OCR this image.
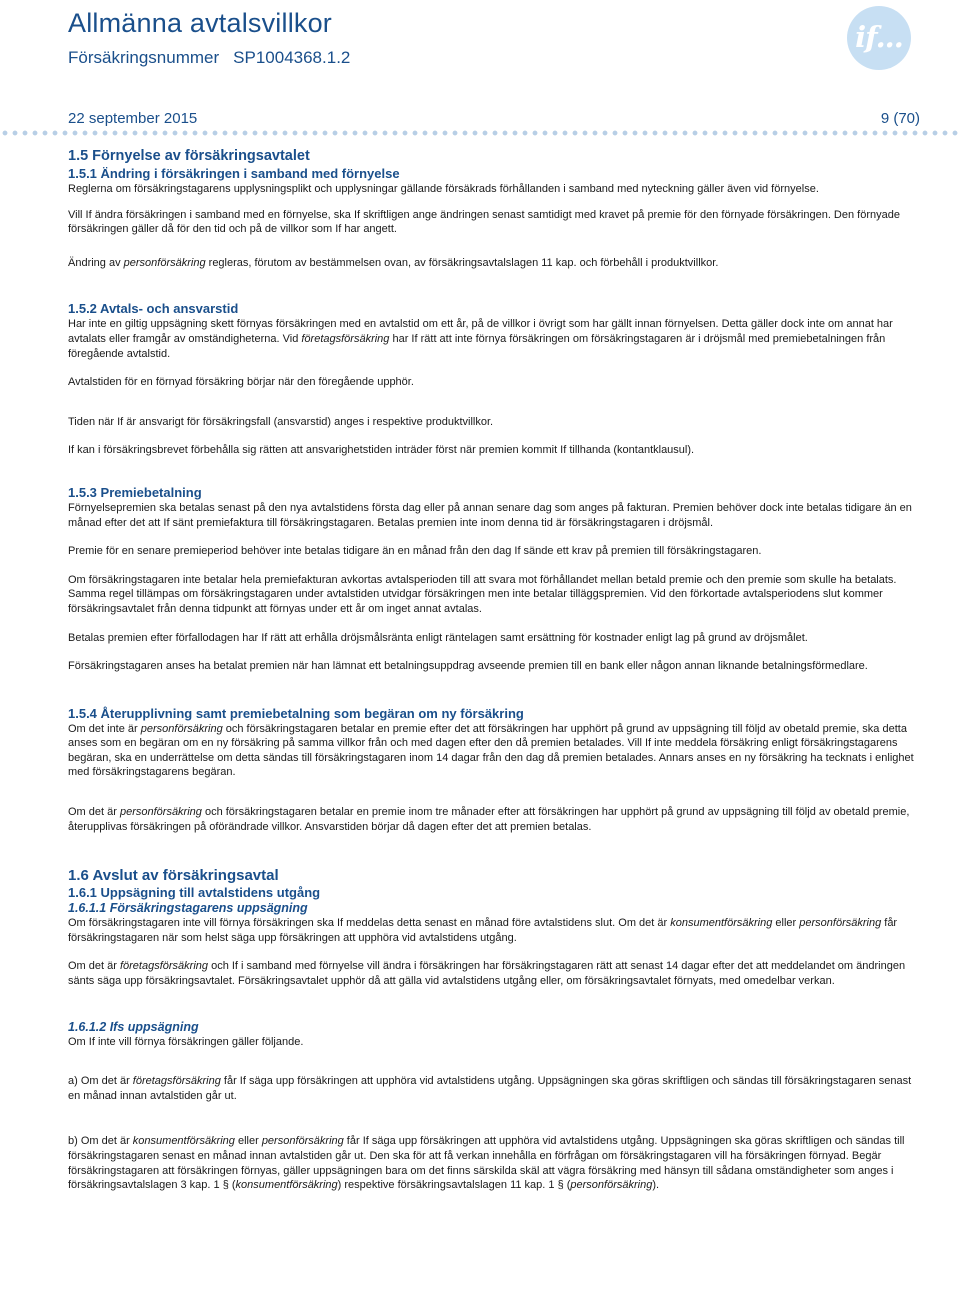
Allmänna avtalsvillkor
Försäkringsnummer SP1004368.1.2
if...
22 september 2015	9 (70)
1.5 Förnyelse av försäkringsavtalet
1.5.1 Ändring i försäkringen i samband med förnyelse

Reglerna om försäkringstagarens upplysningsplikt och upplysningar gällande försäkrads förhållanden i samband med nyteckning gäller även vid förnyelse.

Vill If ändra försäkringen i samband med en förnyelse, ska If skriftligen ange ändringen senast samtidigt med kravet på premie för den förnyade försäkringen. Den förnyade försäkringen gäller då för den tid och på de villkor som If har angett.

Ändring av personförsäkring regleras, förutom av bestämmelsen ovan, av försäkringsavtalslagen 11 kap. och förbehåll i produktvillkor.

1.5.2 Avtals- och ansvarstid

Har inte en giltig uppsägning skett förnyas försäkringen med en avtalstid om ett år, på de villkor i övrigt som har gällt innan förnyelsen. Detta gäller dock inte om annat har avtalats eller framgår av omständigheterna. Vid företagsförsäkring har If rätt att inte förnya försäkringen om försäkringstagaren är i dröjsmål med premiebetalningen från föregående avtalstid.

Avtalstiden för en förnyad försäkring börjar när den föregående upphör.

Tiden när If är ansvarigt för försäkringsfall (ansvarstid) anges i respektive produktvillkor.

If kan i försäkringsbrevet förbehålla sig rätten att ansvarighetstiden inträder först när premien kommit If tillhanda (kontantklausul).

1.5.3 Premiebetalning

Förnyelsepremien ska betalas senast på den nya avtalstidens första dag eller på annan senare dag som anges på fakturan. Premien behöver dock inte betalas tidigare än en månad efter det att If sänt premiefaktura till försäkringstagaren. Betalas premien inte inom denna tid är försäkringstagaren i dröjsmål.

Premie för en senare premieperiod behöver inte betalas tidigare än en månad från den dag If sände ett krav på premien till försäkringstagaren.

Om försäkringstagaren inte betalar hela premiefakturan avkortas avtalsperioden till att svara mot förhållandet mellan betald premie och den premie som skulle ha betalats. Samma regel tillämpas om försäkringstagaren under avtalstiden utvidgar försäkringen men inte betalar tilläggspremien. Vid den förkortade avtalsperiodens slut kommer försäkringsavtalet från denna tidpunkt att förnyas under ett år om inget annat avtalas.

Betalas premien efter förfallodagen har If rätt att erhålla dröjsmålsränta enligt räntelagen samt ersättning för kostnader enligt lag på grund av dröjsmålet.

Försäkringstagaren anses ha betalat premien när han lämnat ett betalningsuppdrag avseende premien till en bank eller någon annan liknande betalningsförmedlare.

1.5.4 Återupplivning samt premiebetalning som begäran om ny försäkring

Om det inte är personförsäkring och försäkringstagaren betalar en premie efter det att försäkringen har upphört på grund av uppsägning till följd av obetald premie, ska detta anses som en begäran om en ny försäkring på samma villkor från och med dagen efter den då premien betalades. Vill If inte meddela försäkring enligt försäkringstagarens begäran, ska en underrättelse om detta sändas till försäkringstagaren inom 14 dagar från den dag då premien betalades. Annars anses en ny försäkring ha tecknats i enlighet med försäkringstagarens begäran.

Om det är personförsäkring och försäkringstagaren betalar en premie inom tre månader efter att försäkringen har upphört på grund av uppsägning till följd av obetald premie, återupplivas försäkringen på oförändrade villkor. Ansvarstiden börjar då dagen efter det att premien betalas.

1.6 Avslut av försäkringsavtal
1.6.1 Uppsägning till avtalstidens utgång
1.6.1.1 Försäkringstagarens uppsägning

Om försäkringstagaren inte vill förnya försäkringen ska If meddelas detta senast en månad före avtalstidens slut. Om det är konsumentförsäkring eller personförsäkring får försäkringstagaren när som helst säga upp försäkringen att upphöra vid avtalstidens utgång.

Om det är företagsförsäkring och If i samband med förnyelse vill ändra i försäkringen har försäkringstagaren rätt att senast 14 dagar efter det att meddelandet om ändringen sänts säga upp försäkringsavtalet. Försäkringsavtalet upphör då att gälla vid avtalstidens utgång eller, om försäkringsavtalet förnyats, med omedelbar verkan.

1.6.1.2 Ifs uppsägning

Om If inte vill förnya försäkringen gäller följande.

a) Om det är företagsförsäkring får If säga upp försäkringen att upphöra vid avtalstidens utgång. Uppsägningen ska göras skriftligen och sändas till försäkringstagaren senast en månad innan avtalstiden går ut.

b) Om det är konsumentförsäkring eller personförsäkring får If säga upp försäkringen att upphöra vid avtalstidens utgång. Uppsägningen ska göras skriftligen och sändas till försäkringstagaren senast en månad innan avtalstiden går ut. Den ska för att få verkan innehålla en förfrågan om försäkringstagaren vill ha försäkringen förnyad. Begär försäkringstagaren att försäkringen förnyas, gäller uppsägningen bara om det finns särskilda skäl att vägra försäkring med hänsyn till sådana omständigheter som anges i försäkringsavtalslagen 3 kap. 1 § (konsumentförsäkring) respektive försäkringsavtalslagen 11 kap. 1 § (personförsäkring).
